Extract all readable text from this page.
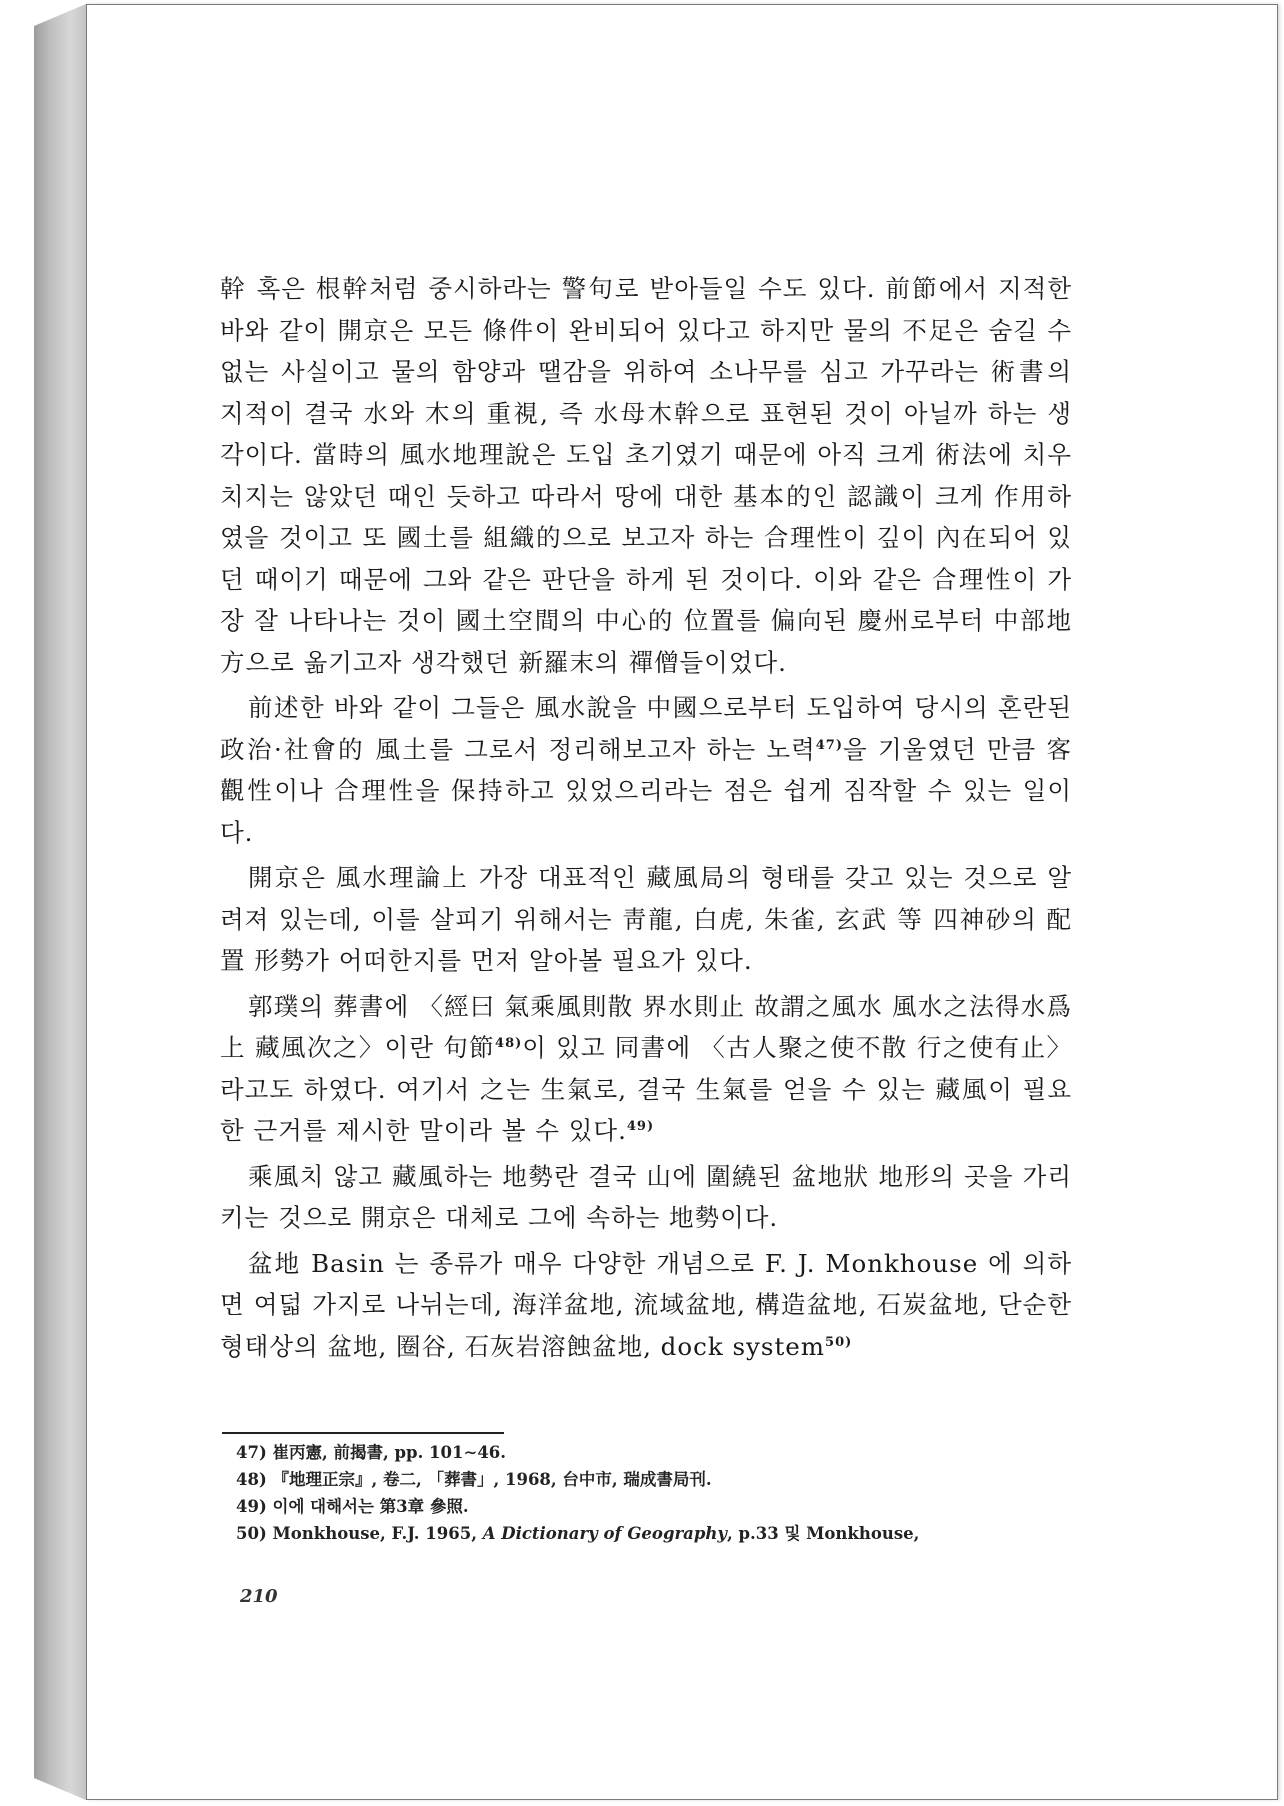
幹 혹은 根幹처럼 중시하라는 警句로 받아들일 수도 있다. 前節에서 지적한 바와 같이 開京은 모든 條件이 완비되어 있다고 하지만 물의 不足은 숨길 수 없는 사실이고 물의 함양과 땔감을 위하여 소나무를 심고 가꾸라는 術書의 지적이 결국 水와 木의 重視, 즉 水母木幹으로 표현된 것이 아닐까 하는 생각이다. 當時의 風水地理說은 도입 초기였기 때문에 아직 크게 術法에 치우치지는 않았던 때인 듯하고 따라서 땅에 대한 基本的인 認識이 크게 作用하였을 것이고 또 國土를 組織的으로 보고자 하는 合理性이 깊이 內在되어 있던 때이기 때문에 그와 같은 판단을 하게 된 것이다. 이와 같은 合理性이 가장 잘 나타나는 것이 國土空間의 中心的 位置를 偏向된 慶州로부터 中部地方으로 옮기고자 생각했던 新羅末의 禪僧들이었다.

前述한 바와 같이 그들은 風水說을 中國으로부터 도입하여 당시의 혼란된 政治·社會的 風土를 그로서 정리해보고자 하는 노력$^{47)}$을 기울였던 만큼 客觀性이나 合理性을 保持하고 있었으리라는 점은 쉽게 짐작할 수 있는 일이다.

開京은 風水理論上 가장 대표적인 藏風局의 형태를 갖고 있는 것으로 알려져 있는데, 이를 살피기 위해서는 靑龍, 白虎, 朱雀, 玄武 等 四神砂의 配置 形勢가 어떠한지를 먼저 알아볼 필요가 있다.

郭璞의 葬書에 〈經曰 氣乘風則散 界水則止 故謂之風水 風水之法得水爲上 藏風次之〉이란 句節$^{48)}$이 있고 同書에 〈古人聚之使不散 行之使有止〉라고도 하였다. 여기서 之는 生氣로, 결국 生氣를 얻을 수 있는 藏風이 필요한 근거를 제시한 말이라 볼 수 있다.$^{49)}$

乘風치 않고 藏風하는 地勢란 결국 山에 圍繞된 盆地狀 地形의 곳을 가리키는 것으로 開京은 대체로 그에 속하는 地勢이다.

盆地 Basin 는 종류가 매우 다양한 개념으로 F. J. Monkhouse 에 의하면 여덟 가지로 나뉘는데, 海洋盆地, 流域盆地, 構造盆地, 石炭盆地, 단순한 형태상의 盆地, 圈谷, 石灰岩溶蝕盆地, dock system$^{50)}$

47) 崔丙憲, 前揭書, pp. 101∼46.

48) 『地理正宗』, 卷二, 「葬書」, 1968, 台中市, 瑞成書局刊.

49) 이에 대해서는 第3章 參照.

50) Monkhouse, F.J. 1965, A Dictionary of Geography, p.33 및 Monkhouse,

210
